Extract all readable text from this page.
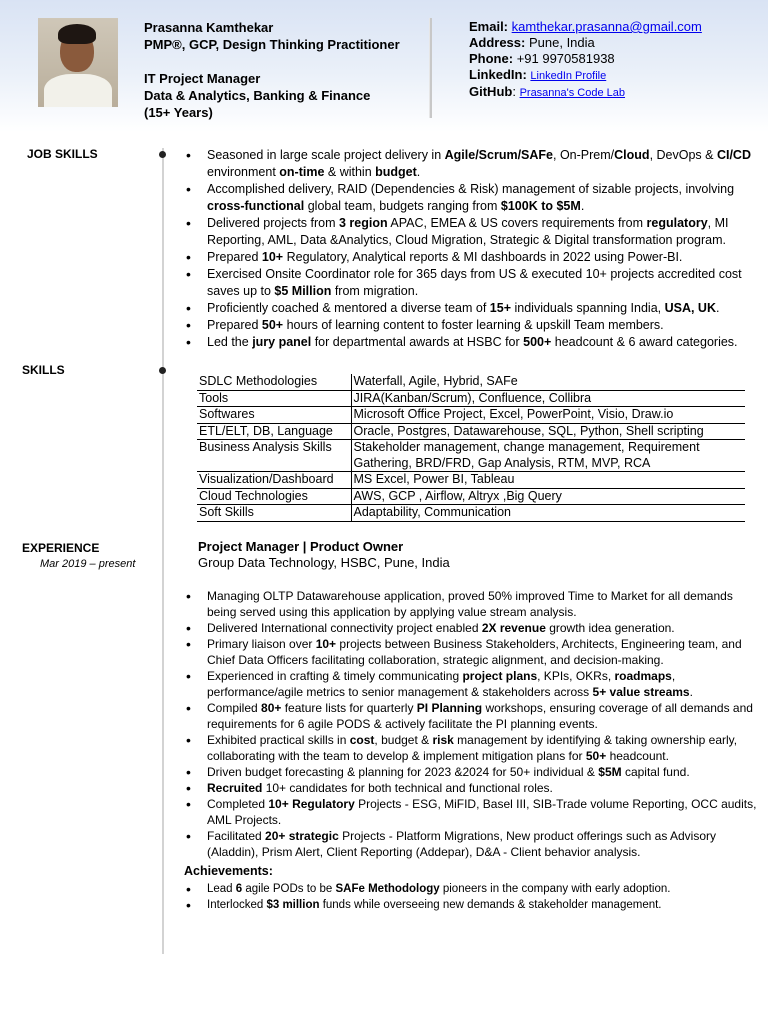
Prasanna Kamthekar
PMP®, GCP, Design Thinking Practitioner
IT Project Manager
Data & Analytics, Banking & Finance
(15+ Years)
Email: kamthekar.prasanna@gmail.com
Address: Pune, India
Phone: +91 9970581938
LinkedIn: LinkedIn Profile
GitHub: Prasanna's Code Lab
JOB SKILLS
SKILLS
EXPERIENCE
Mar 2019 – present
• Seasoned in large scale project delivery in Agile/Scrum/SAFe, On-Prem/Cloud, DevOps & CI/CD environment on-time & within budget.
• Accomplished delivery, RAID (Dependencies & Risk) management of sizable projects, involving cross-functional global team, budgets ranging from $100K to $5M.
• Delivered projects from 3 region APAC, EMEA & US covers requirements from regulatory, MI Reporting, AML, Data &Analytics, Cloud Migration, Strategic & Digital transformation program.
• Prepared 10+ Regulatory, Analytical reports & MI dashboards in 2022 using Power-BI.
• Exercised Onsite Coordinator role for 365 days from US & executed 10+ projects accredited cost saves up to $5 Million from migration.
• Proficiently coached & mentored a diverse team of 15+ individuals spanning India, USA, UK.
• Prepared 50+ hours of learning content to foster learning & upskill Team members.
• Led the jury panel for departmental awards at HSBC for 500+ headcount & 6 award categories.
SDLC Methodologies	Waterfall, Agile, Hybrid, SAFe
Tools	JIRA(Kanban/Scrum), Confluence, Collibra
Softwares	Microsoft Office Project, Excel, PowerPoint, Visio, Draw.io
ETL/ELT, DB, Language	Oracle, Postgres, Datawarehouse, SQL, Python, Shell scripting
Business Analysis Skills	Stakeholder management, change management, Requirement Gathering, BRD/FRD, Gap Analysis, RTM, MVP, RCA
Visualization/Dashboard	MS Excel, Power BI, Tableau
Cloud Technologies	AWS, GCP , Airflow, Altryx ,Big Query
Soft Skills	Adaptability, Communication
Project Manager | Product Owner
Group Data Technology, HSBC, Pune, India
• Managing OLTP Datawarehouse application, proved 50% improved Time to Market for all demands being served using this application by applying value stream analysis.
• Delivered International connectivity project enabled 2X revenue growth idea generation.
• Primary liaison over 10+ projects between Business Stakeholders, Architects, Engineering team, and Chief Data Officers facilitating collaboration, strategic alignment, and decision-making.
• Experienced in crafting & timely communicating project plans, KPIs, OKRs, roadmaps, performance/agile metrics to senior management & stakeholders across 5+ value streams.
• Compiled 80+ feature lists for quarterly PI Planning workshops, ensuring coverage of all demands and requirements for 6 agile PODS & actively facilitate the PI planning events.
• Exhibited practical skills in cost, budget & risk management by identifying & taking ownership early, collaborating with the team to develop & implement mitigation plans for 50+ headcount.
• Driven budget forecasting & planning for 2023 &2024 for 50+ individual & $5M capital fund.
• Recruited 10+ candidates for both technical and functional roles.
• Completed 10+ Regulatory Projects - ESG, MiFID, Basel III, SIB-Trade volume Reporting, OCC audits, AML Projects.
• Facilitated 20+ strategic Projects - Platform Migrations, New product offerings such as Advisory (Aladdin), Prism Alert, Client Reporting (Addepar), D&A - Client behavior analysis.
Achievements:
• Lead 6 agile PODs to be SAFe Methodology pioneers in the company with early adoption.
• Interlocked $3 million funds while overseeing new demands & stakeholder management.
